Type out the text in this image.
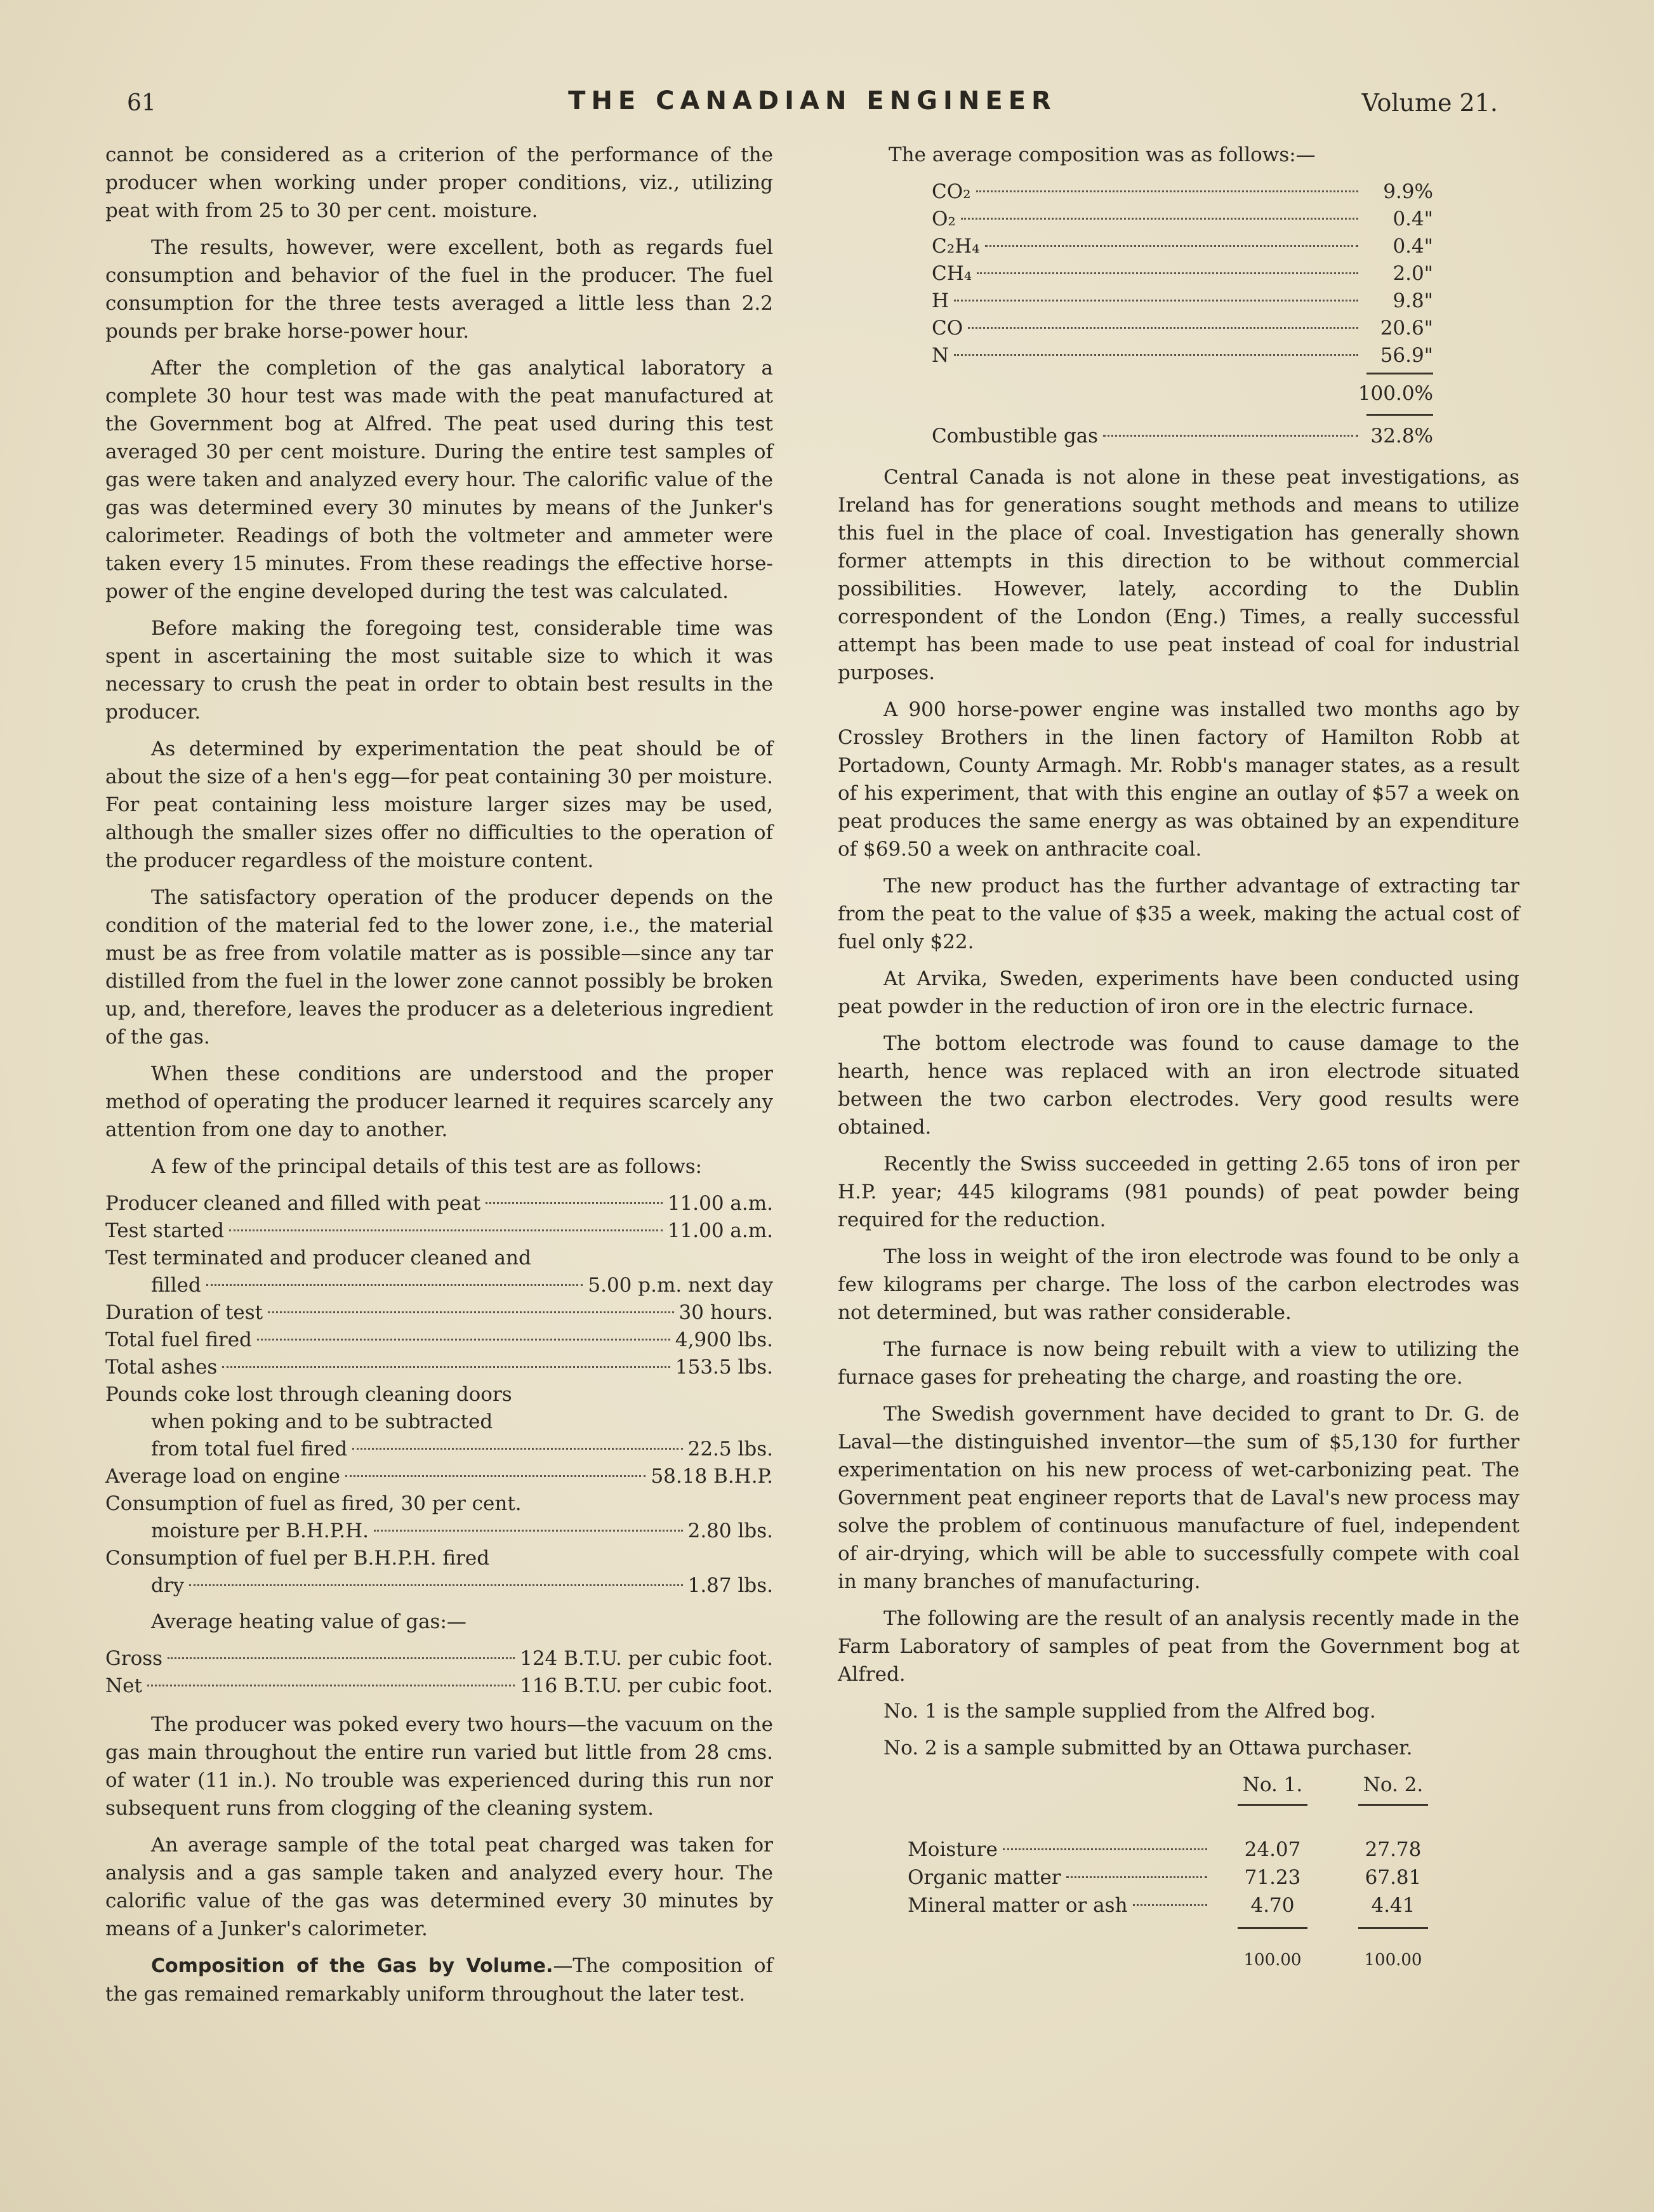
61	THE CANADIAN ENGINEER	Volume 21.

cannot be considered as a criterion of the performance of the producer when working under proper conditions, viz., utilizing peat with from 25 to 30 per cent. moisture.

The results, however, were excellent, both as regards fuel consumption and behavior of the fuel in the producer. The fuel consumption for the three tests averaged a little less than 2.2 pounds per brake horse-power hour.

After the completion of the gas analytical laboratory a complete 30 hour test was made with the peat manufactured at the Government bog at Alfred. The peat used during this test averaged 30 per cent moisture. During the entire test samples of gas were taken and analyzed every hour. The calorific value of the gas was determined every 30 minutes by means of the Junker's calorimeter. Readings of both the voltmeter and ammeter were taken every 15 minutes. From these readings the effective horse-power of the engine developed during the test was calculated.

Before making the foregoing test, considerable time was spent in ascertaining the most suitable size to which it was necessary to crush the peat in order to obtain best results in the producer.

As determined by experimentation the peat should be of about the size of a hen's egg—for peat containing 30 per moisture. For peat containing less moisture larger sizes may be used, although the smaller sizes offer no difficulties to the operation of the producer regardless of the moisture content.

The satisfactory operation of the producer depends on the condition of the material fed to the lower zone, i.e., the material must be as free from volatile matter as is possible—since any tar distilled from the fuel in the lower zone cannot possibly be broken up, and, therefore, leaves the producer as a deleterious ingredient of the gas.

When these conditions are understood and the proper method of operating the producer learned it requires scarcely any attention from one day to another.

A few of the principal details of this test are as follows:

Producer cleaned and filled with peat	11.00 a.m.
Test started	11.00 a.m.
Test terminated and producer cleaned and
filled	5.00 p.m. next day
Duration of test	30 hours.
Total fuel fired	4,900 lbs.
Total ashes	153.5 lbs.
Pounds coke lost through cleaning doors
when poking and to be subtracted
from total fuel fired	22.5 lbs.
Average load on engine	58.18 B.H.P.
Consumption of fuel as fired, 30 per cent.
moisture per B.H.P.H.	2.80 lbs.
Consumption of fuel per B.H.P.H. fired
dry	1.87 lbs.

Average heating value of gas:—

Gross	124 B.T.U. per cubic foot.
Net	116 B.T.U. per cubic foot.

The producer was poked every two hours—the vacuum on the gas main throughout the entire run varied but little from 28 cms. of water (11 in.). No trouble was experienced during this run nor subsequent runs from clogging of the cleaning system.

An average sample of the total peat charged was taken for analysis and a gas sample taken and analyzed every hour. The calorific value of the gas was determined every 30 minutes by means of a Junker's calorimeter.

Composition of the Gas by Volume.—The composition of the gas remained remarkably uniform throughout the later test.

The average composition was as follows:—

CO₂	9.9%
O₂	0.4"
C₂H₄	0.4"
CH₄	2.0"
H	9.8"
CO	20.6"
N	56.9"
100.0%
Combustible gas	32.8%

Central Canada is not alone in these peat investigations, as Ireland has for generations sought methods and means to utilize this fuel in the place of coal. Investigation has generally shown former attempts in this direction to be without commercial possibilities. However, lately, according to the Dublin correspondent of the London (Eng.) Times, a really successful attempt has been made to use peat instead of coal for industrial purposes.

A 900 horse-power engine was installed two months ago by Crossley Brothers in the linen factory of Hamilton Robb at Portadown, County Armagh. Mr. Robb's manager states, as a result of his experiment, that with this engine an outlay of $57 a week on peat produces the same energy as was obtained by an expenditure of $69.50 a week on anthracite coal.

The new product has the further advantage of extracting tar from the peat to the value of $35 a week, making the actual cost of fuel only $22.

At Arvika, Sweden, experiments have been conducted using peat powder in the reduction of iron ore in the electric furnace.

The bottom electrode was found to cause damage to the hearth, hence was replaced with an iron electrode situated between the two carbon electrodes. Very good results were obtained.

Recently the Swiss succeeded in getting 2.65 tons of iron per H.P. year; 445 kilograms (981 pounds) of peat powder being required for the reduction.

The loss in weight of the iron electrode was found to be only a few kilograms per charge. The loss of the carbon electrodes was not determined, but was rather considerable.

The furnace is now being rebuilt with a view to utilizing the furnace gases for preheating the charge, and roasting the ore.

The Swedish government have decided to grant to Dr. G. de Laval—the distinguished inventor—the sum of $5,130 for further experimentation on his new process of wet-carbonizing peat. The Government peat engineer reports that de Laval's new process may solve the problem of continuous manufacture of fuel, independent of air-drying, which will be able to successfully compete with coal in many branches of manufacturing.

The following are the result of an analysis recently made in the Farm Laboratory of samples of peat from the Government bog at Alfred.

No. 1 is the sample supplied from the Alfred bog.

No. 2 is a sample submitted by an Ottawa purchaser.

No. 1.	No. 2.
Moisture	24.07	27.78
Organic matter	71.23	67.81
Mineral matter or ash	4.70	4.41
100.00	100.00
